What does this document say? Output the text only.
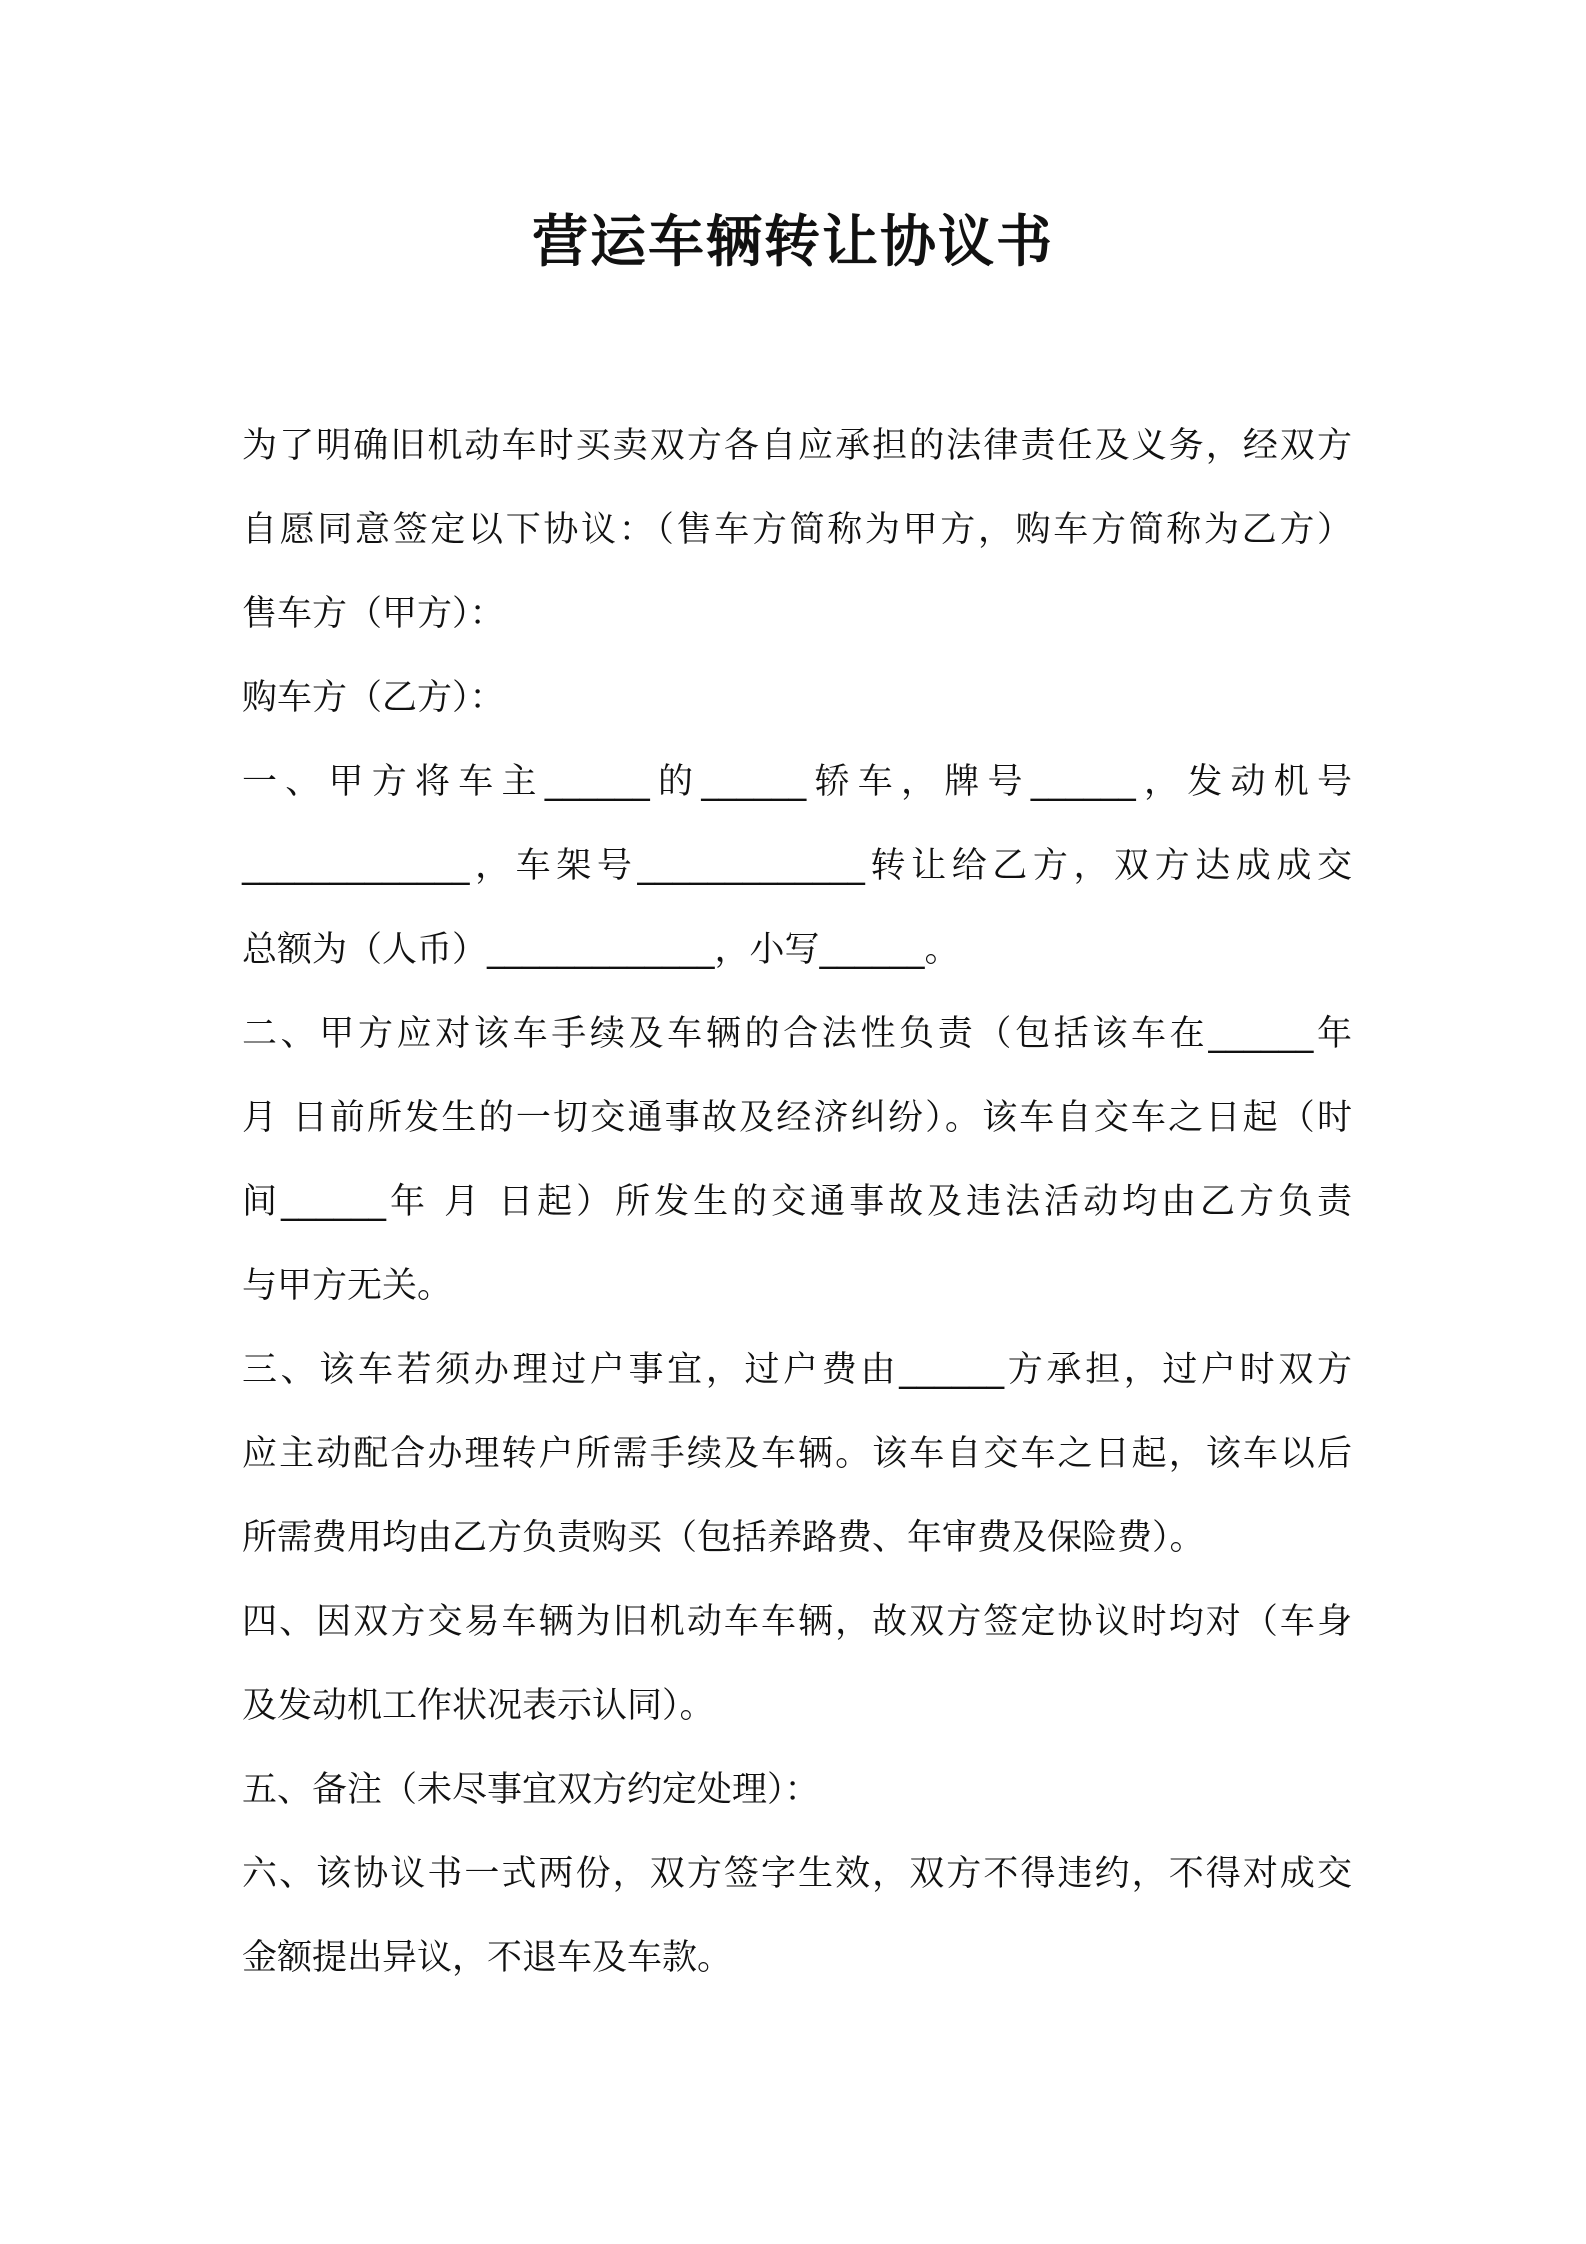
营运车辆转让协议书
为了明确旧机动车时买卖双方各自应承担的法律责任及义务，经双方
自愿同意签定以下协议：（售车方简称为甲方，购车方简称为乙方）
售车方（甲方）：
购车方（乙方）：
一、甲方将车主______的______轿车，牌号______，发动机号
_____________，车架号_____________转让给乙方，双方达成成交
总额为（人币）_____________，小写______。
二、甲方应对该车手续及车辆的合法性负责（包括该车在______年
月 日前所发生的一切交通事故及经济纠纷）。该车自交车之日起（时
间______年 月 日起）所发生的交通事故及违法活动均由乙方负责
与甲方无关。
三、该车若须办理过户事宜，过户费由______方承担，过户时双方
应主动配合办理转户所需手续及车辆。该车自交车之日起，该车以后
所需费用均由乙方负责购买（包括养路费、年审费及保险费）。
四、因双方交易车辆为旧机动车车辆，故双方签定协议时均对（车身
及发动机工作状况表示认同）。
五、备注（未尽事宜双方约定处理）：
六、该协议书一式两份，双方签字生效，双方不得违约，不得对成交
金额提出异议，不退车及车款。
